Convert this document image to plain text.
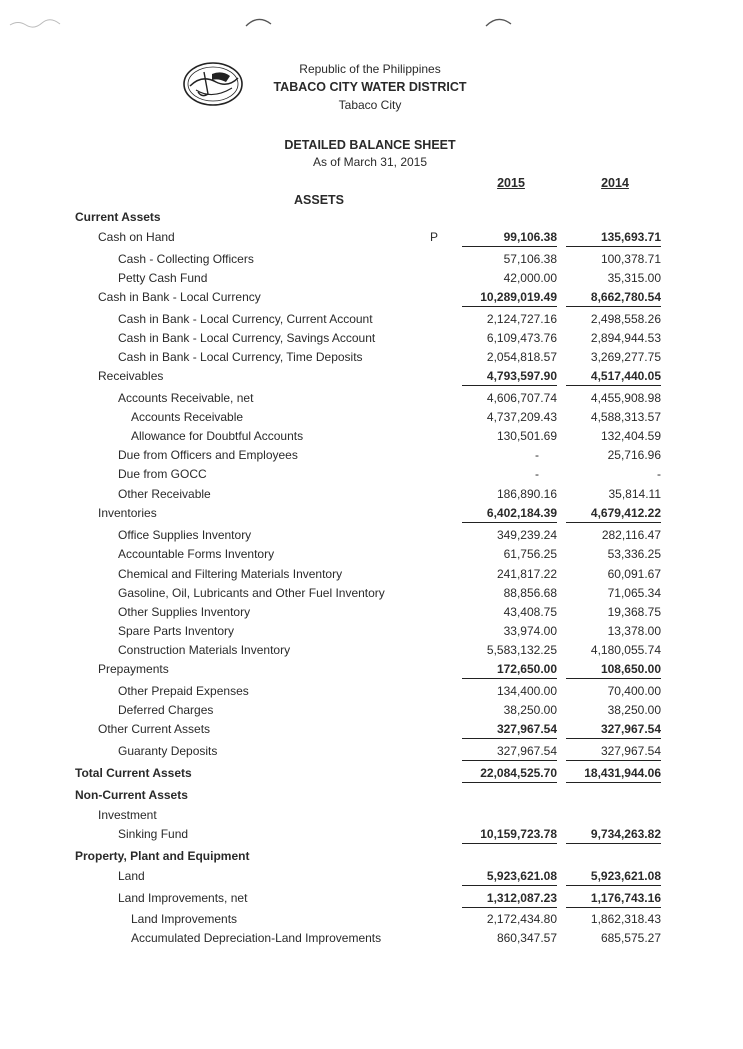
Republic of the Philippines
TABACO CITY WATER DISTRICT
Tabaco City
DETAILED BALANCE SHEET
As of March 31, 2015
2015	2014
ASSETS
Current Assets
Cash on Hand	P	99,106.38	135,693.71
Cash - Collecting Officers	57,106.38	100,378.71
Petty Cash Fund	42,000.00	35,315.00
Cash in Bank - Local Currency	10,289,019.49	8,662,780.54
Cash in Bank - Local Currency, Current Account	2,124,727.16	2,498,558.26
Cash in Bank - Local Currency, Savings Account	6,109,473.76	2,894,944.53
Cash in Bank - Local Currency, Time Deposits	2,054,818.57	3,269,277.75
Receivables	4,793,597.90	4,517,440.05
Accounts Receivable, net	4,606,707.74	4,455,908.98
Accounts Receivable	4,737,209.43	4,588,313.57
Allowance for Doubtful Accounts	130,501.69	132,404.59
Due from Officers and Employees	-	25,716.96
Due from GOCC	-	-
Other Receivable	186,890.16	35,814.11
Inventories	6,402,184.39	4,679,412.22
Office Supplies Inventory	349,239.24	282,116.47
Accountable Forms Inventory	61,756.25	53,336.25
Chemical and Filtering Materials Inventory	241,817.22	60,091.67
Gasoline, Oil, Lubricants and Other Fuel Inventory	88,856.68	71,065.34
Other Supplies Inventory	43,408.75	19,368.75
Spare Parts Inventory	33,974.00	13,378.00
Construction Materials Inventory	5,583,132.25	4,180,055.74
Prepayments	172,650.00	108,650.00
Other Prepaid Expenses	134,400.00	70,400.00
Deferred Charges	38,250.00	38,250.00
Other Current Assets	327,967.54	327,967.54
Guaranty Deposits	327,967.54	327,967.54
Total Current Assets	22,084,525.70	18,431,944.06
Non-Current Assets
Investment
Sinking Fund	10,159,723.78	9,734,263.82
Property, Plant and Equipment
Land	5,923,621.08	5,923,621.08
Land Improvements, net	1,312,087.23	1,176,743.16
Land Improvements	2,172,434.80	1,862,318.43
Accumulated Depreciation-Land Improvements	860,347.57	685,575.27
